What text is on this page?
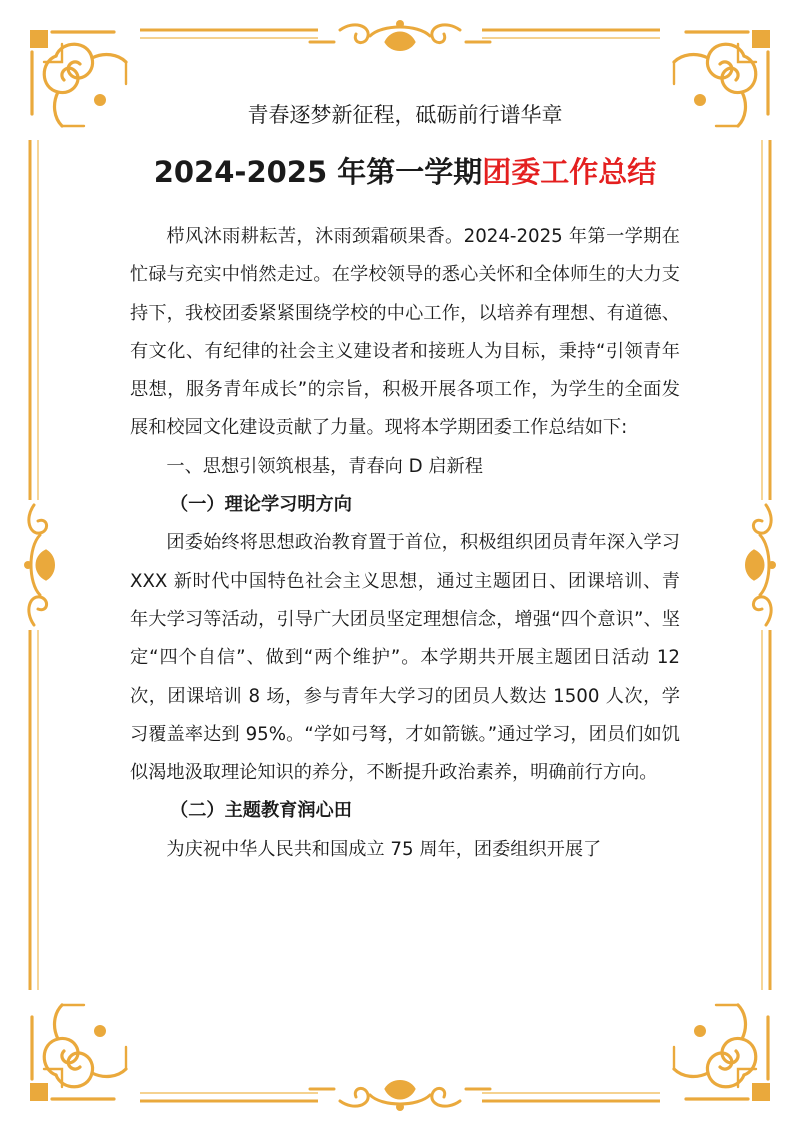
青春逐梦新征程，砥砺前行谱华章

2024-2025 年第一学期团委工作总结

栉风沐雨耕耘苦，沐雨颈霜硕果香。2024-2025 年第一学期在忙碌与充实中悄然走过。在学校领导的悉心关怀和全体师生的大力支持下，我校团委紧紧围绕学校的中心工作，以培养有理想、有道德、有文化、有纪律的社会主义建设者和接班人为目标，秉持“引领青年思想，服务青年成长”的宗旨，积极开展各项工作，为学生的全面发展和校园文化建设贡献了力量。现将本学期团委工作总结如下:

一、思想引领筑根基，青春向 D 启新程

（一）理论学习明方向

团委始终将思想政治教育置于首位，积极组织团员青年深入学习 XXX 新时代中国特色社会主义思想，通过主题团日、团课培训、青年大学习等活动，引导广大团员坚定理想信念，增强“四个意识”、坚定“四个自信”、做到“两个维护”。本学期共开展主题团日活动 12 次，团课培训 8 场，参与青年大学习的团员人数达 1500 人次，学习覆盖率达到 95%。“学如弓弩，才如箭镞。”通过学习，团员们如饥似渴地汲取理论知识的养分，不断提升政治素养，明确前行方向。

（二）主题教育润心田

为庆祝中华人民共和国成立 75 周年，团委组织开展了
